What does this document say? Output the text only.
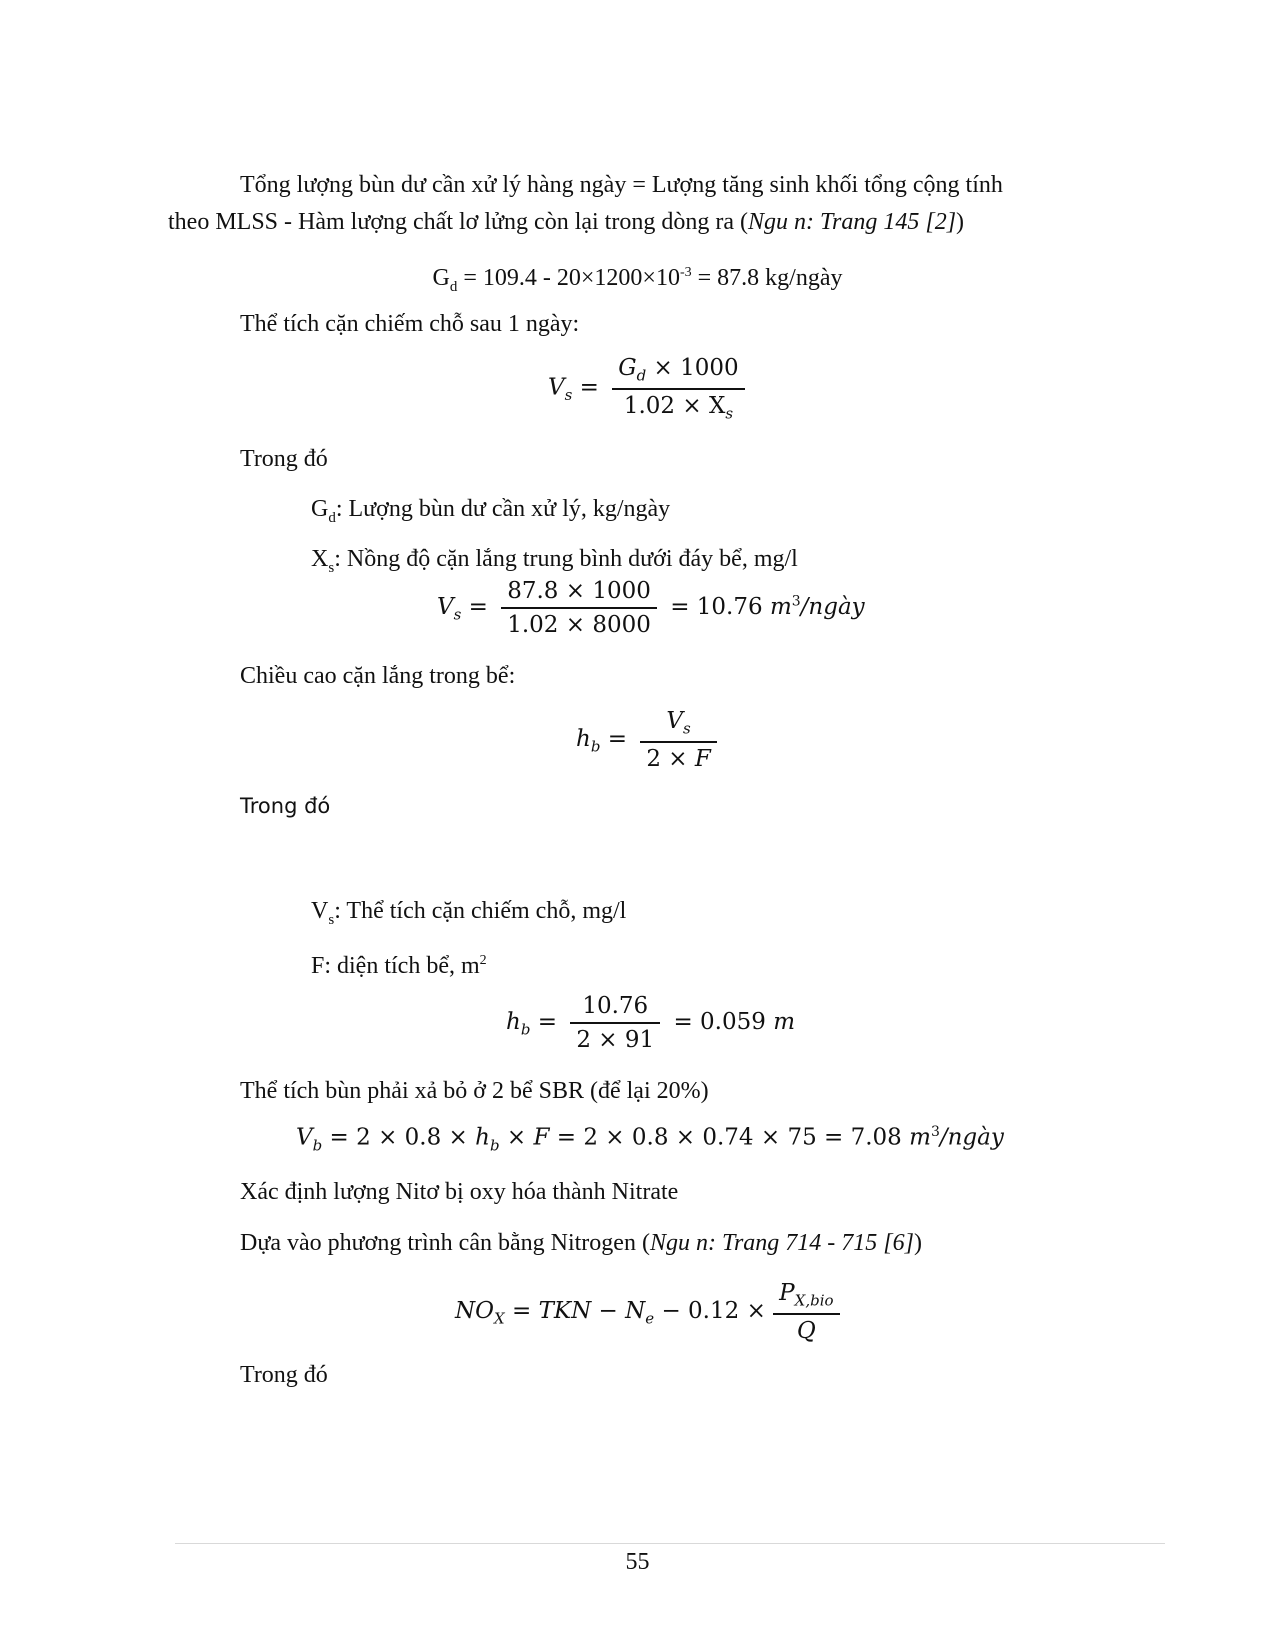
Tổng lượng bùn dư cần xử lý hàng ngày = Lượng tăng sinh khối tổng cộng tính
theo MLSS - Hàm lượng chất lơ lửng còn lại trong dòng ra (Ngu n: Trang 145 [2])
$G_d = 109.4 - 20\times 1200\times 10^{-3} = 87.8$ kg/ngày
Thể tích cặn chiếm chỗ sau 1 ngày:
$V_s = \frac{G_d \times 1000}{1.02 \times X_s}$
Trong đó
$G_d$: Lượng bùn dư cần xử lý, kg/ngày
$X_s$: Nồng độ cặn lắng trung bình dưới đáy bể, mg/l
$V_s = \frac{87.8 \times 1000}{1.02 \times 8000} = 10.76$ $m^3$/ngày
Chiều cao cặn lắng trong bể:
$h_b = \frac{V_s}{2 \times F}$
Trong đó
$V_s$: Thể tích cặn chiếm chỗ, mg/l
F: diện tích bể, $m^2$
$h_b = \frac{10.76}{2 \times 91} = 0.059$ m
Thể tích bùn phải xả bỏ ở 2 bể SBR (để lại 20%)
$V_b = 2 \times 0.8 \times h_b \times F = 2 \times 0.8 \times 0.74 \times 75 = 7.08$ $m^3$/ngày
Xác định lượng Nitơ bị oxy hóa thành Nitrate
Dựa vào phương trình cân bằng Nitrogen (Ngu n: Trang 714 - 715 [6])
$NO_X$ = TKN − $N_e - 0.12 \times \frac{P_{X,bio}}{Q}$
Trong đó
55
